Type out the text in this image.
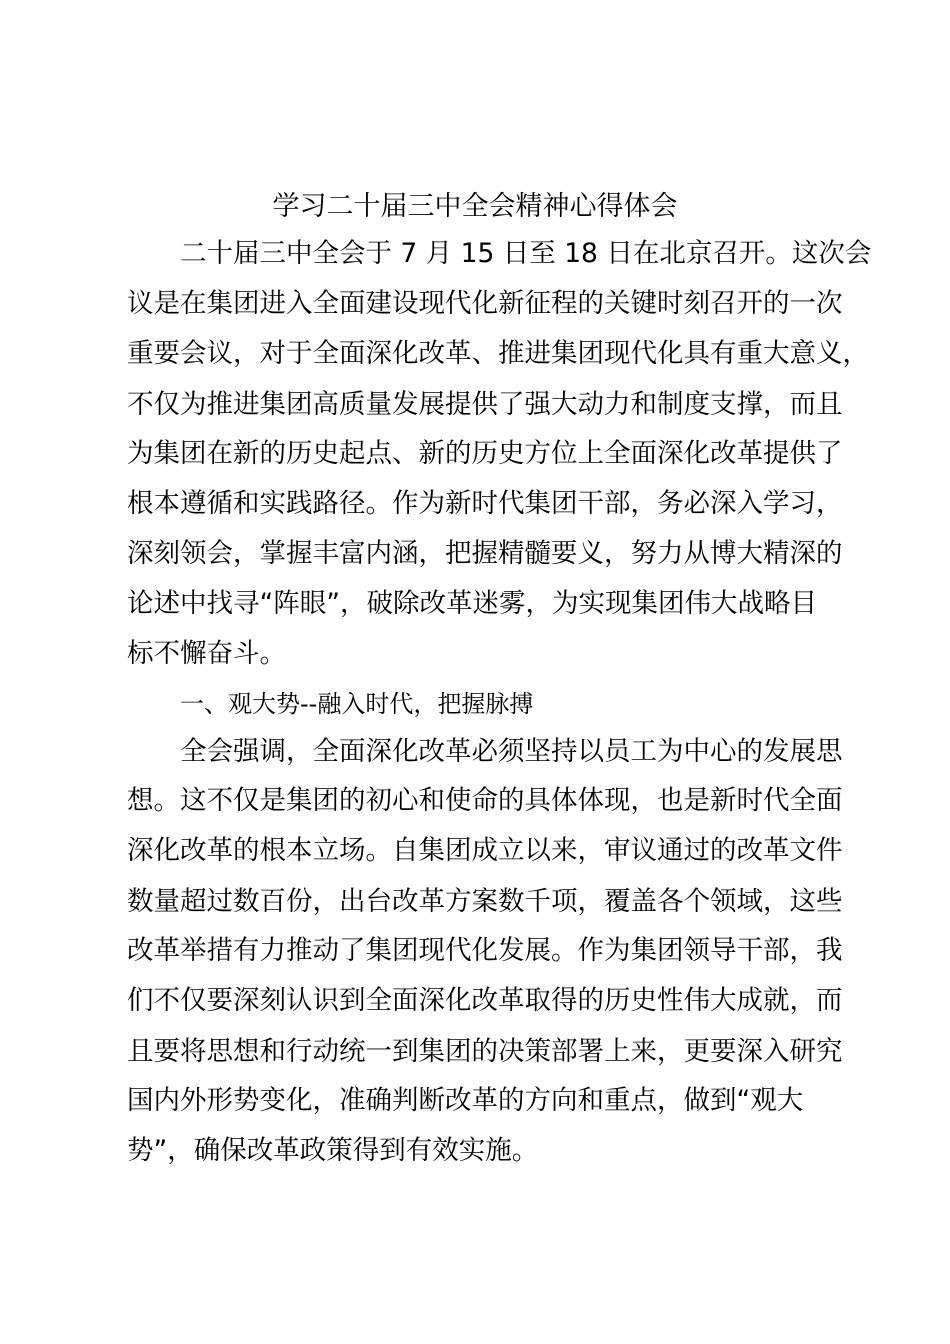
学习二十届三中全会精神心得体会
二十届三中全会于 7 月 15 日至 18 日在北京召开。这次会
议是在集团进入全面建设现代化新征程的关键时刻召开的一次
重要会议，对于全面深化改革、推进集团现代化具有重大意义，
不仅为推进集团高质量发展提供了强大动力和制度支撑，而且
为集团在新的历史起点、新的历史方位上全面深化改革提供了
根本遵循和实践路径。作为新时代集团干部，务必深入学习，
深刻领会，掌握丰富内涵，把握精髓要义，努力从博大精深的
论述中找寻“阵眼”，破除改革迷雾，为实现集团伟大战略目
标不懈奋斗。
一、观大势--融入时代，把握脉搏
全会强调，全面深化改革必须坚持以员工为中心的发展思
想。这不仅是集团的初心和使命的具体体现，也是新时代全面
深化改革的根本立场。自集团成立以来，审议通过的改革文件
数量超过数百份，出台改革方案数千项，覆盖各个领域，这些
改革举措有力推动了集团现代化发展。作为集团领导干部，我
们不仅要深刻认识到全面深化改革取得的历史性伟大成就，而
且要将思想和行动统一到集团的决策部署上来，更要深入研究
国内外形势变化，准确判断改革的方向和重点，做到“观大
势”，确保改革政策得到有效实施。
